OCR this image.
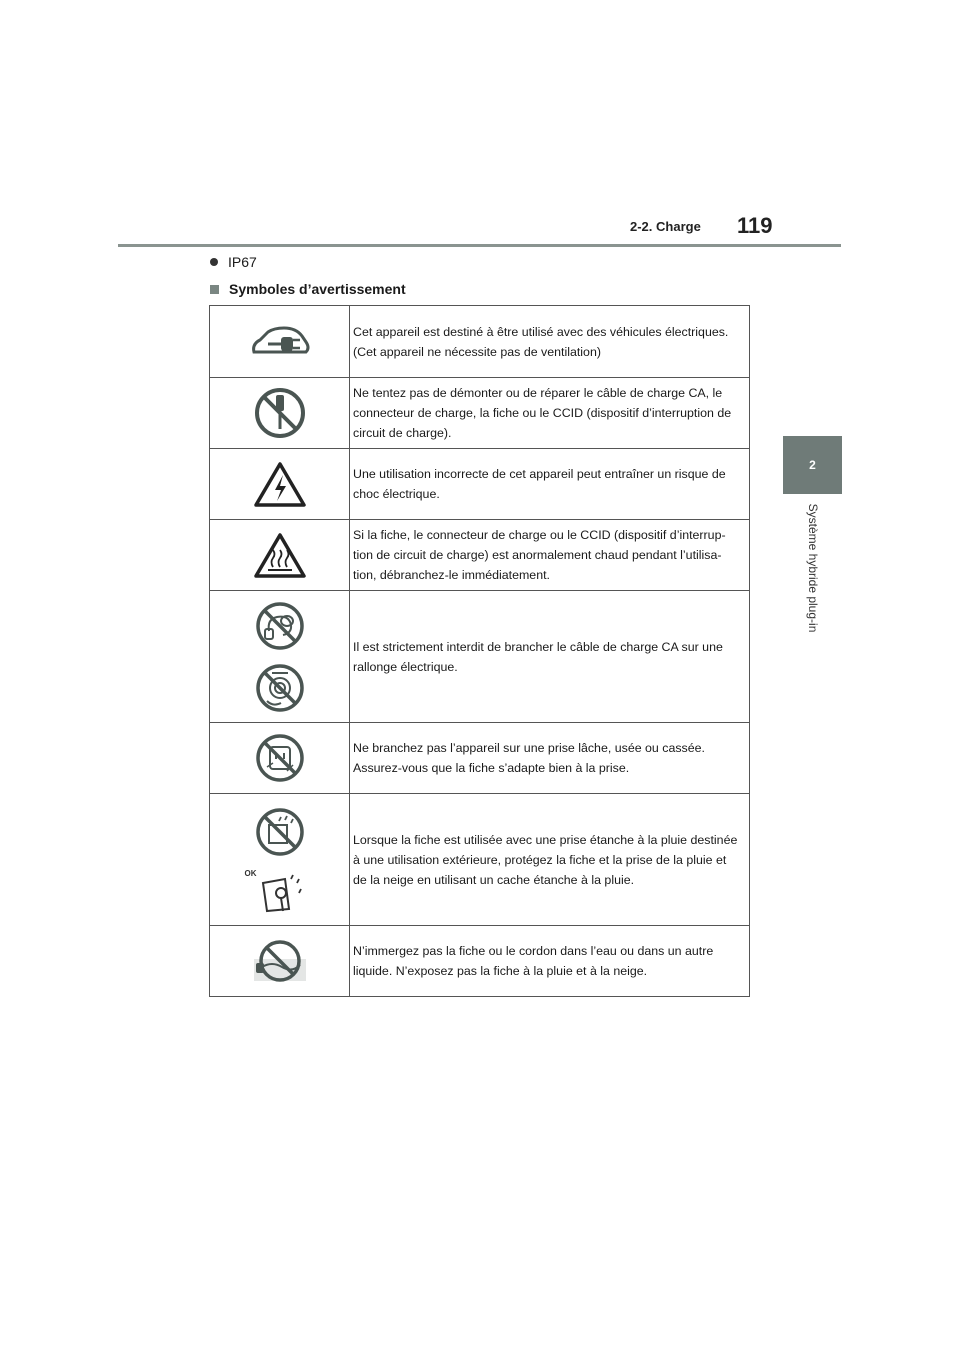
2-2. Charge 119
2
Système hybride plug-in
IP67
Symboles d’avertissement
	Cet appareil est destiné à être utilisé avec des véhicules électriques. (Cet appareil ne nécessite pas de ventilation)

	Ne tentez pas de démonter ou de réparer le câble de charge CA, le connecteur de charge, la fiche ou le CCID (dispositif d’interruption de circuit de charge).

	Une utilisation incorrecte de cet appareil peut entraîner un risque de choc électrique.

	Si la fiche, le connecteur de charge ou le CCID (dispositif d’interrup-tion de circuit de charge) est anormalement chaud pendant l’utilisa-tion, débranchez-le immédiatement.

	Il est strictement interdit de brancher le câble de charge CA sur une rallonge électrique.

	Ne branchez pas l’appareil sur une prise lâche, usée ou cassée. Assurez-vous que la fiche s’adapte bien à la prise.

OK	Lorsque la fiche est utilisée avec une prise étanche à la pluie destinée à une utilisation extérieure, protégez la fiche et la prise de la pluie et de la neige en utilisant un cache étanche à la pluie.

	N’immergez pas la fiche ou le cordon dans l’eau ou dans un autre liquide. N’exposez pas la fiche à la pluie et à la neige.
